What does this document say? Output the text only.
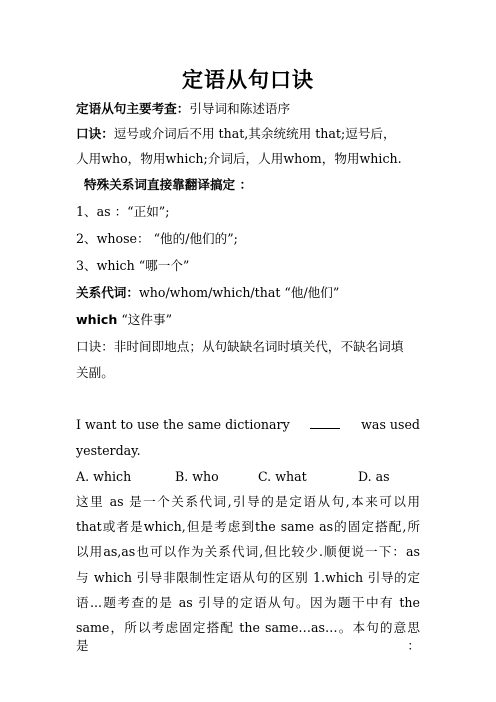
定语从句口诀
定语从句主要考查：引导词和陈述语序
口诀：逗号或介词后不用 that,其余统统用 that;逗号后，
人用who，物用which;介词后，人用whom，物用which.
特殊关系词直接靠翻译搞定 ：
1、as ：“正如”;
2、whose： “他的/他们的”;
3、which “哪一个”
关系代词：who/whom/which/that “他/他们”
which “这件事”
口诀：非时间即地点；从句缺缺名词时填关代，不缺名词填
关副。
I want to use the same dictionary	was used
yesterday.
A. which	B. who	C. what	D. as
这里 as 是一个关系代词,引导的是定语从句,本来可以用
that或者是which,但是考虑到the same as的固定搭配,所
以用as,as也可以作为关系代词,但比较少.顺便说一下：as
与 which 引导非限制性定语从句的区别 1.which 引导的定
语...题考查的是 as 引导的定语从句。因为题干中有 the
same，所以考虑固定搭配 the same…as…。本句的意思是：
